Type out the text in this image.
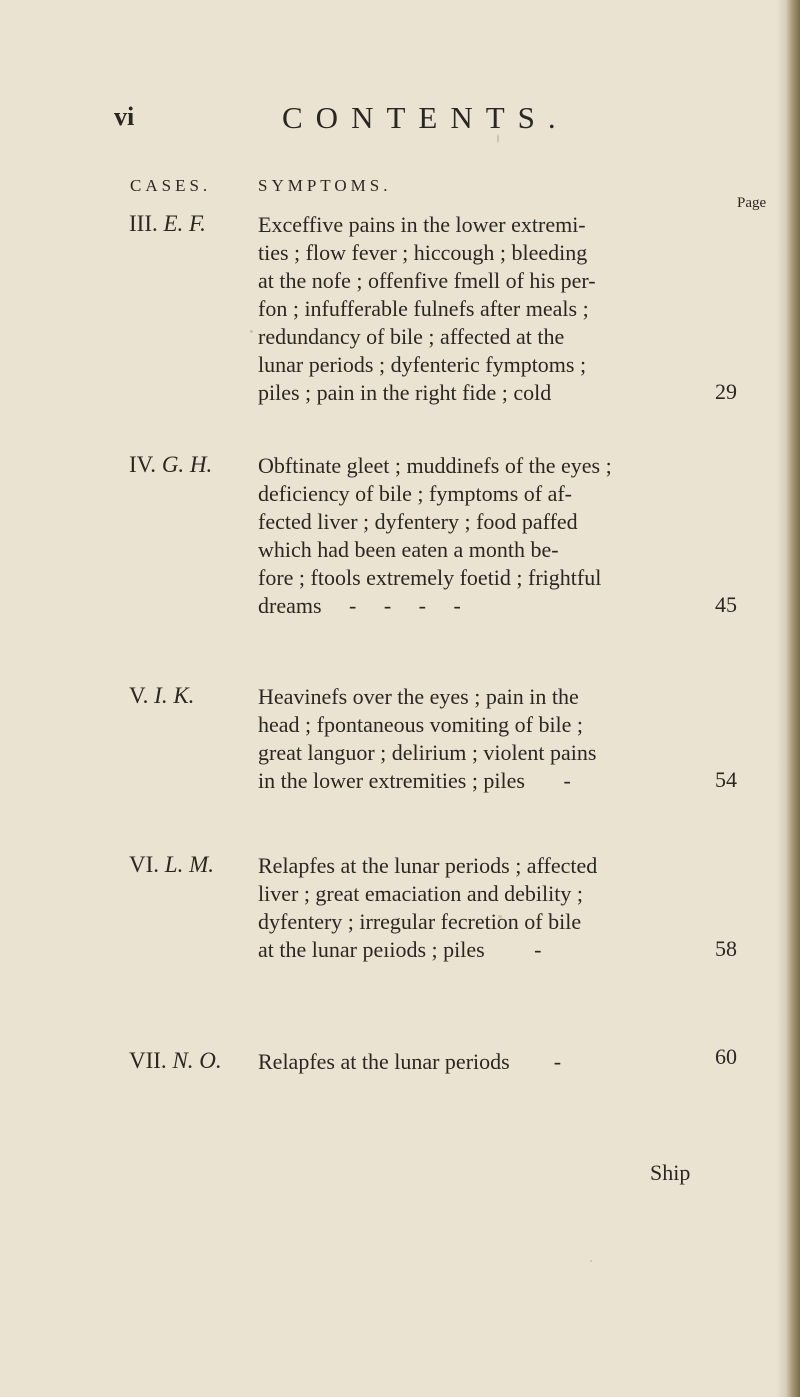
vi	CONTENTS.
CASES.	SYMPTOMS.
Page
III. E. F. Exceffive pains in the lower extremi-
ties ; flow fever ; hiccough ; bleeding
at the nofe ; offenfive fmell of his per-
fon ; infufferable fulnefs after meals ;
redundancy of bile ; affected at the
lunar periods ; dyfenteric fymptoms ;
piles ; pain in the right fide ; cold	29
IV. G. H. Obftinate gleet ; muddinefs of the eyes ;
deficiency of bile ; fymptoms of af-
fected liver ; dyfentery ; food paffed
which had been eaten a month be-
fore ; ftools extremely foetid ; frightful
dreams     -     -     -     -	45
V. I. K.	Heavinefs over the eyes ; pain in the
head ; fpontaneous vomiting of bile ;
great languor ; delirium ; violent pains
in the lower extremities ; piles       -	54
VI. L. M. Relapfes at the lunar periods ; affected
liver ; great emaciation and debility ;
dyfentery ; irregular fecretion of bile
at the lunar peıiods ; piles         -	58
VII. N. O. Relapfes at the lunar periods        -	60
Ship
